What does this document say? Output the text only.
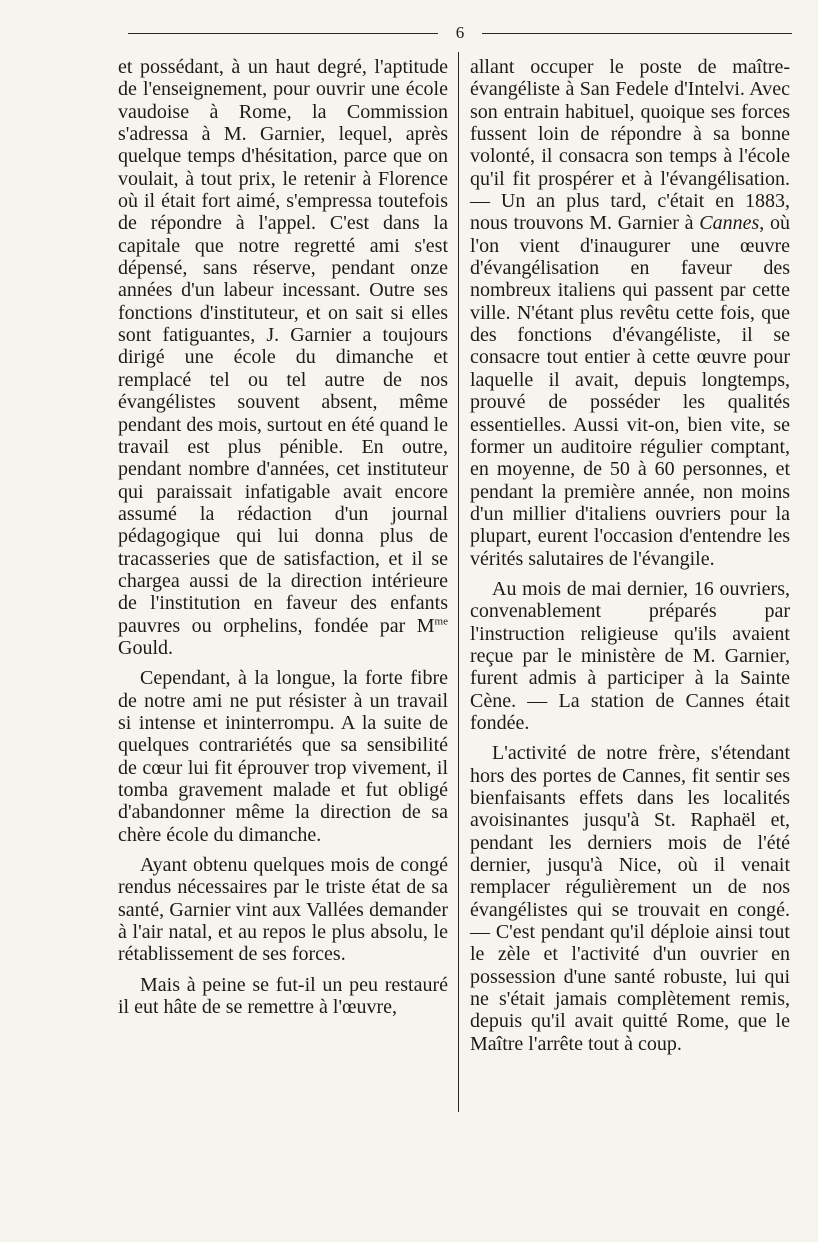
6

et possédant, à un haut degré, l'aptitude de l'enseignement, pour ouvrir une école vaudoise à Rome, la Commission s'adressa à M. Garnier, lequel, après quelque temps d'hésitation, parce que on voulait, à tout prix, le retenir à Florence où il était fort aimé, s'empressa toutefois de répondre à l'appel. C'est dans la capitale que notre regretté ami s'est dépensé, sans réserve, pendant onze années d'un labeur incessant. Outre ses fonctions d'instituteur, et on sait si elles sont fatiguantes, J. Garnier a toujours dirigé une école du dimanche et remplacé tel ou tel autre de nos évangélistes souvent absent, même pendant des mois, surtout en été quand le travail est plus pénible. En outre, pendant nombre d'années, cet instituteur qui paraissait infatigable avait encore assumé la rédaction d'un journal pédagogique qui lui donna plus de tracasseries que de satisfaction, et il se chargea aussi de la direction intérieure de l'institution en faveur des enfants pauvres ou orphelins, fondée par $M^{me}$ Gould.

Cependant, à la longue, la forte fibre de notre ami ne put résister à un travail si intense et ininterrompu. A la suite de quelques contrariétés que sa sensibilité de cœur lui fit éprouver trop vivement, il tomba gravement malade et fut obligé d'abandonner même la direction de sa chère école du dimanche.

Ayant obtenu quelques mois de congé rendus nécessaires par le triste état de sa santé, Garnier vint aux Vallées demander à l'air natal, et au repos le plus absolu, le rétablissement de ses forces.

Mais à peine se fut-il un peu restauré il eut hâte de se remettre à l'œuvre,

allant occuper le poste de maître-évangéliste à San Fedele d'Intelvi. Avec son entrain habituel, quoique ses forces fussent loin de répondre à sa bonne volonté, il consacra son temps à l'école qu'il fit prospérer et à l'évangélisation. — Un an plus tard, c'était en 1883, nous trouvons M. Garnier à Cannes, où l'on vient d'inaugurer une œuvre d'évangélisation en faveur des nombreux italiens qui passent par cette ville. N'étant plus revêtu cette fois, que des fonctions d'évangéliste, il se consacre tout entier à cette œuvre pour laquelle il avait, depuis longtemps, prouvé de posséder les qualités essentielles. Aussi vit-on, bien vite, se former un auditoire régulier comptant, en moyenne, de 50 à 60 personnes, et pendant la première année, non moins d'un millier d'italiens ouvriers pour la plupart, eurent l'occasion d'entendre les vérités salutaires de l'évangile.

Au mois de mai dernier, 16 ouvriers, convenablement préparés par l'instruction religieuse qu'ils avaient reçue par le ministère de M. Garnier, furent admis à participer à la Sainte Cène. — La station de Cannes était fondée.

L'activité de notre frère, s'étendant hors des portes de Cannes, fit sentir ses bienfaisants effets dans les localités avoisinantes jusqu'à St. Raphaël et, pendant les derniers mois de l'été dernier, jusqu'à Nice, où il venait remplacer régulièrement un de nos évangélistes qui se trouvait en congé. — C'est pendant qu'il déploie ainsi tout le zèle et l'activité d'un ouvrier en possession d'une santé robuste, lui qui ne s'était jamais complètement remis, depuis qu'il avait quitté Rome, que le Maître l'arrête tout à coup.
